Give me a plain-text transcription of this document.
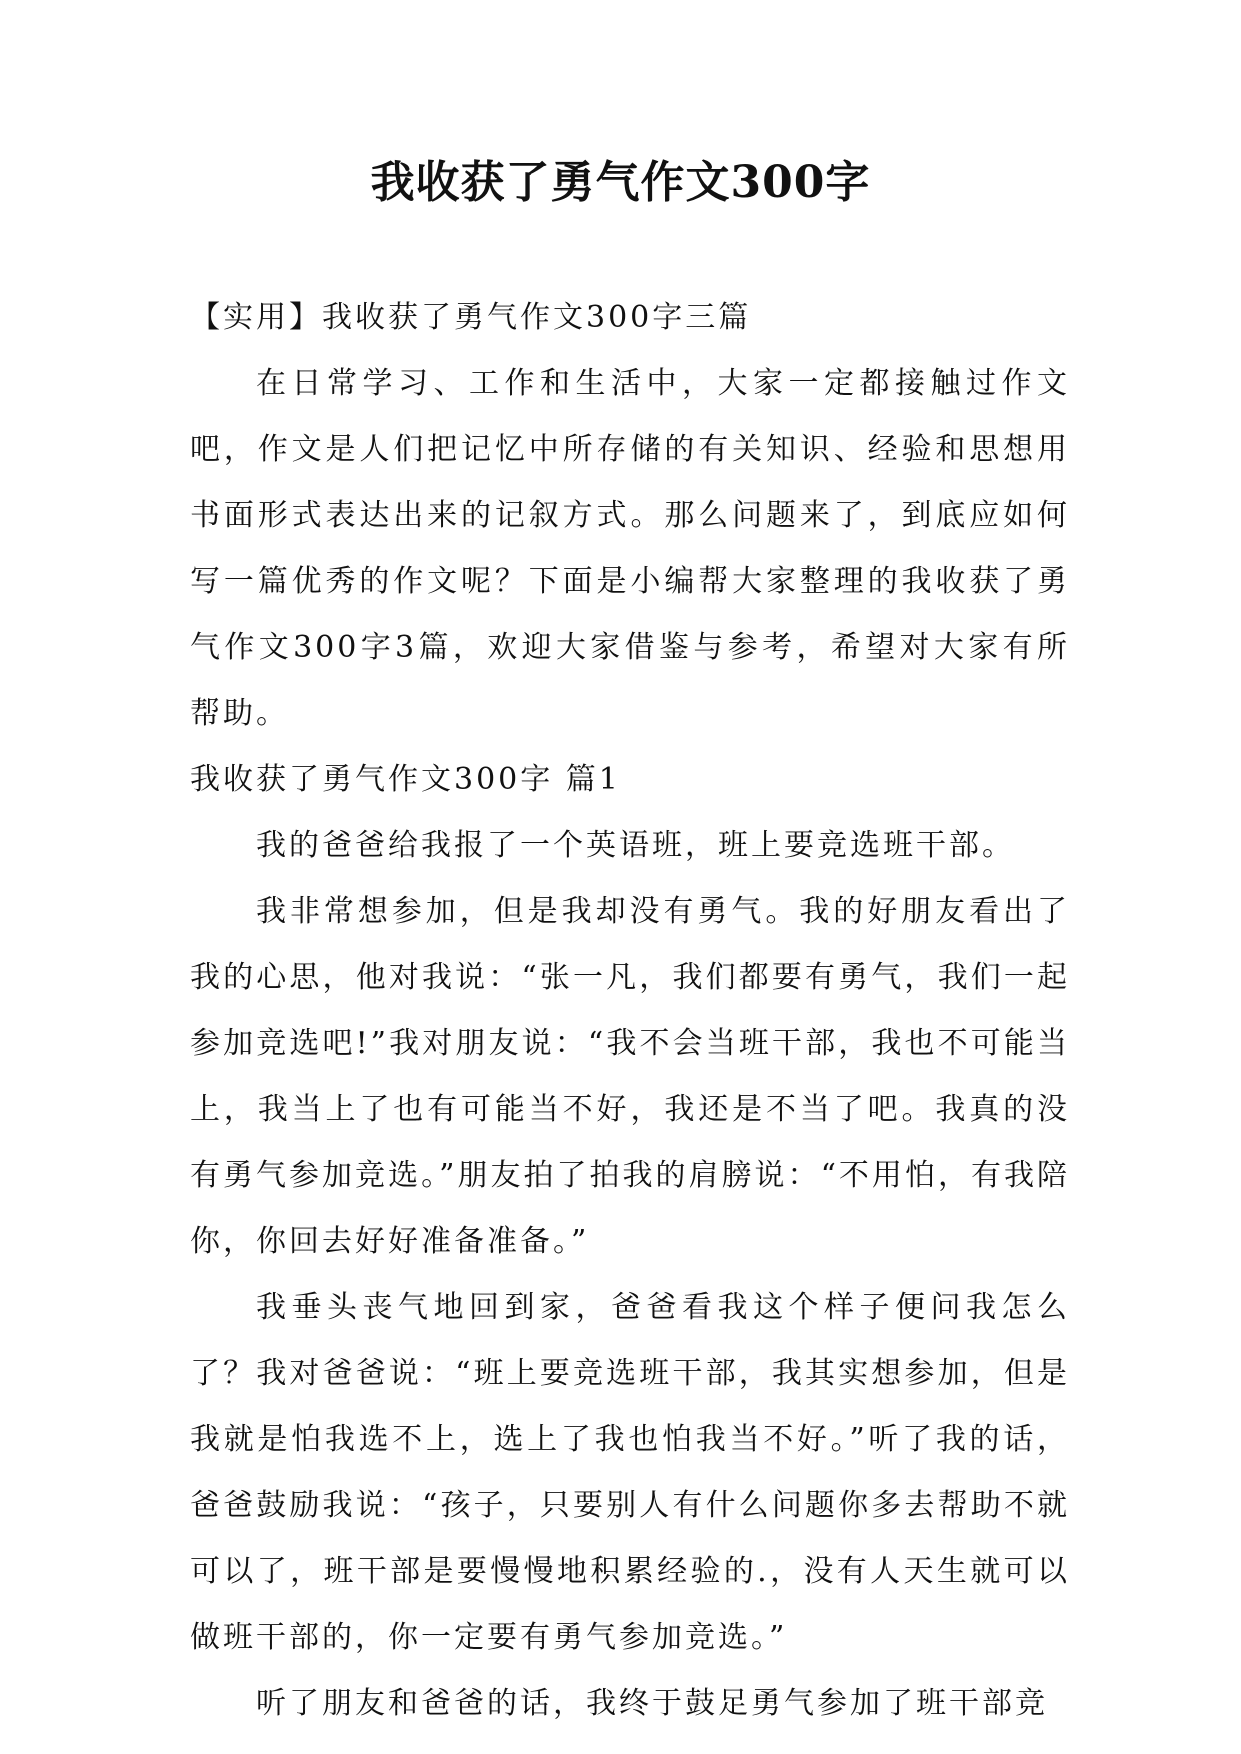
我收获了勇气作文300字

【实用】我收获了勇气作文300字三篇

在日常学习、工作和生活中，大家一定都接触过作文吧，作文是人们把记忆中所存储的有关知识、经验和思想用书面形式表达出来的记叙方式。那么问题来了，到底应如何写一篇优秀的作文呢？下面是小编帮大家整理的我收获了勇气作文300字3篇，欢迎大家借鉴与参考，希望对大家有所帮助。

我收获了勇气作文300字 篇1

我的爸爸给我报了一个英语班，班上要竞选班干部。

我非常想参加，但是我却没有勇气。我的好朋友看出了我的心思，他对我说：“张一凡，我们都要有勇气，我们一起参加竞选吧!”我对朋友说：“我不会当班干部，我也不可能当上，我当上了也有可能当不好，我还是不当了吧。我真的没有勇气参加竞选。”朋友拍了拍我的肩膀说：“不用怕，有我陪你，你回去好好准备准备。”

我垂头丧气地回到家，爸爸看我这个样子便问我怎么了？我对爸爸说：“班上要竞选班干部，我其实想参加，但是我就是怕我选不上，选上了我也怕我当不好。”听了我的话，爸爸鼓励我说：“孩子，只要别人有什么问题你多去帮助不就可以了，班干部是要慢慢地积累经验的.，没有人天生就可以做班干部的，你一定要有勇气参加竞选。”

听了朋友和爸爸的话，我终于鼓足勇气参加了班干部竞
